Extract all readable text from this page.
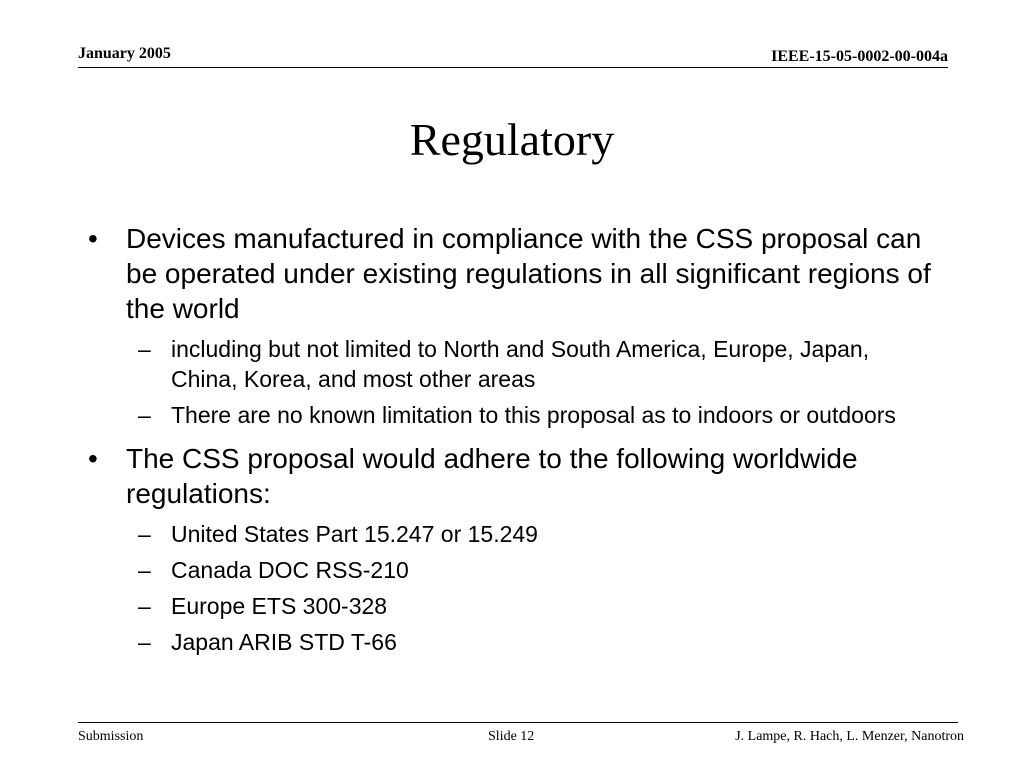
January 2005	IEEE-15-05-0002-00-004a
Regulatory
• Devices manufactured in compliance with the CSS proposal can be operated under existing regulations in all significant regions of the world
– including but not limited to North and South America, Europe, Japan, China, Korea, and most other areas
– There are no known limitation to this proposal as to indoors or outdoors
• The CSS proposal would adhere to the following worldwide regulations:
– United States Part 15.247 or 15.249
– Canada DOC RSS-210
– Europe ETS 300-328
– Japan ARIB STD T-66
Submission	Slide 12	J. Lampe, R. Hach, L. Menzer, Nanotron
